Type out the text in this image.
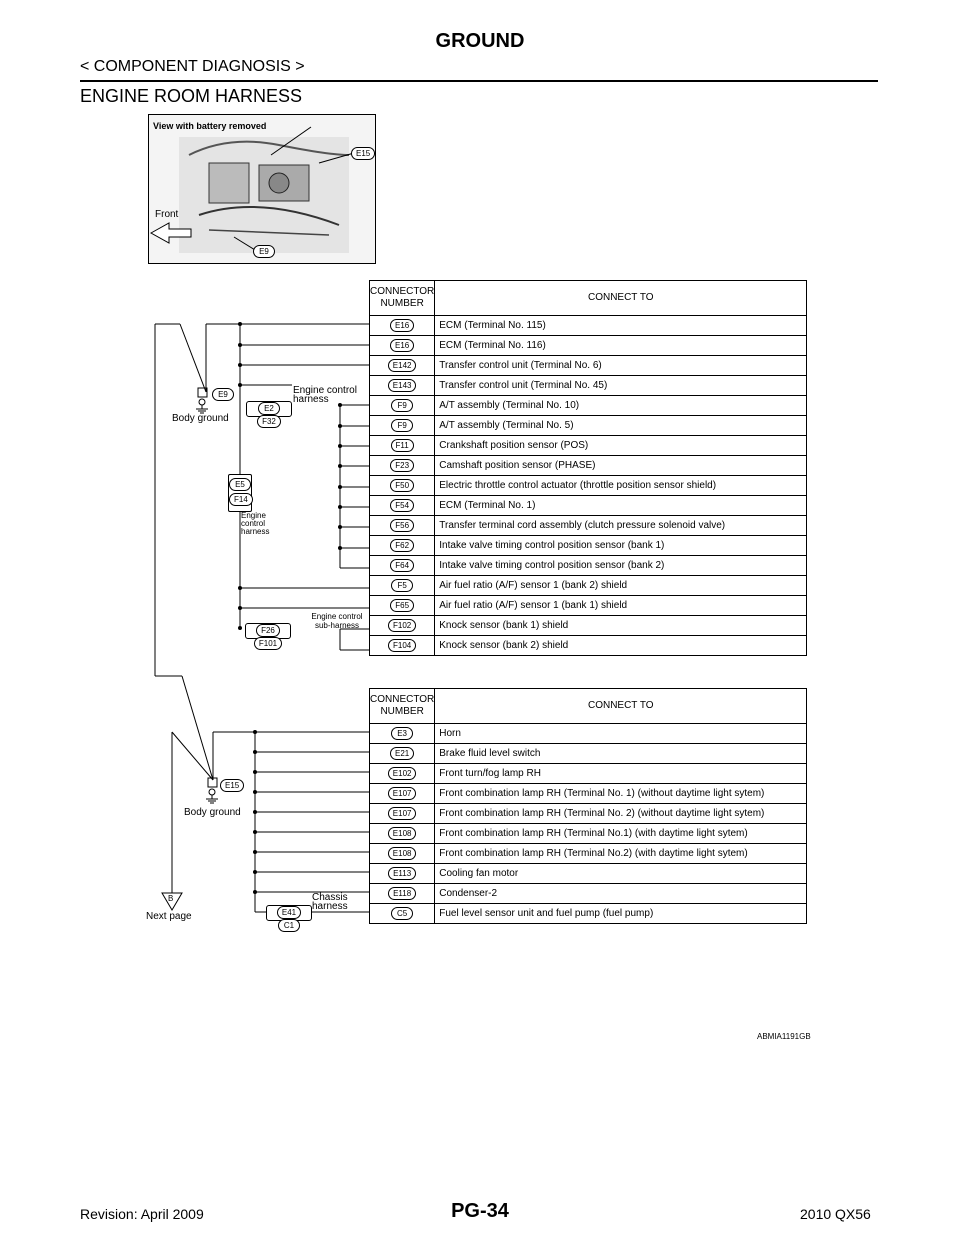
GROUND
< COMPONENT DIAGNOSIS >
ENGINE ROOM HARNESS
View with battery removed
Front
E15
E9
E9
Body ground
Engine control harness
E2 F32
E5 F14
Engine control harness
Engine control sub-harness
F26 F101
E15
Body ground
Chassis harness
E41 C1
B
Next page
CONNECTOR NUMBER	CONNECT TO
E16	ECM (Terminal No. 115)
E16	ECM (Terminal No. 116)
E142	Transfer control unit (Terminal No. 6)
E143	Transfer control unit (Terminal No. 45)
F9	A/T assembly (Terminal No. 10)
F9	A/T assembly (Terminal No. 5)
F11	Crankshaft position sensor (POS)
F23	Camshaft position sensor (PHASE)
F50	Electric throttle control actuator (throttle position sensor shield)
F54	ECM (Terminal No. 1)
F56	Transfer terminal cord assembly (clutch pressure solenoid valve)
F62	Intake valve timing control position sensor (bank 1)
F64	Intake valve timing control position sensor (bank 2)
F5	Air fuel ratio (A/F) sensor 1 (bank 2) shield
F65	Air fuel ratio (A/F) sensor 1 (bank 1) shield
F102	Knock sensor (bank 1) shield
F104	Knock sensor (bank 2) shield
CONNECTOR NUMBER	CONNECT TO
E3	Horn
E21	Brake fluid level switch
E102	Front turn/fog lamp RH
E107	Front combination lamp RH (Terminal No. 1) (without daytime light sytem)
E107	Front combination lamp RH (Terminal No. 2) (without daytime light sytem)
E108	Front combination lamp RH (Terminal No.1) (with daytime light sytem)
E108	Front combination lamp RH (Terminal No.2) (with daytime light sytem)
E113	Cooling fan motor
E118	Condenser-2
C5	Fuel level sensor unit and fuel pump (fuel pump)
ABMIA1191GB
Revision: April 2009	PG-34	2010 QX56
